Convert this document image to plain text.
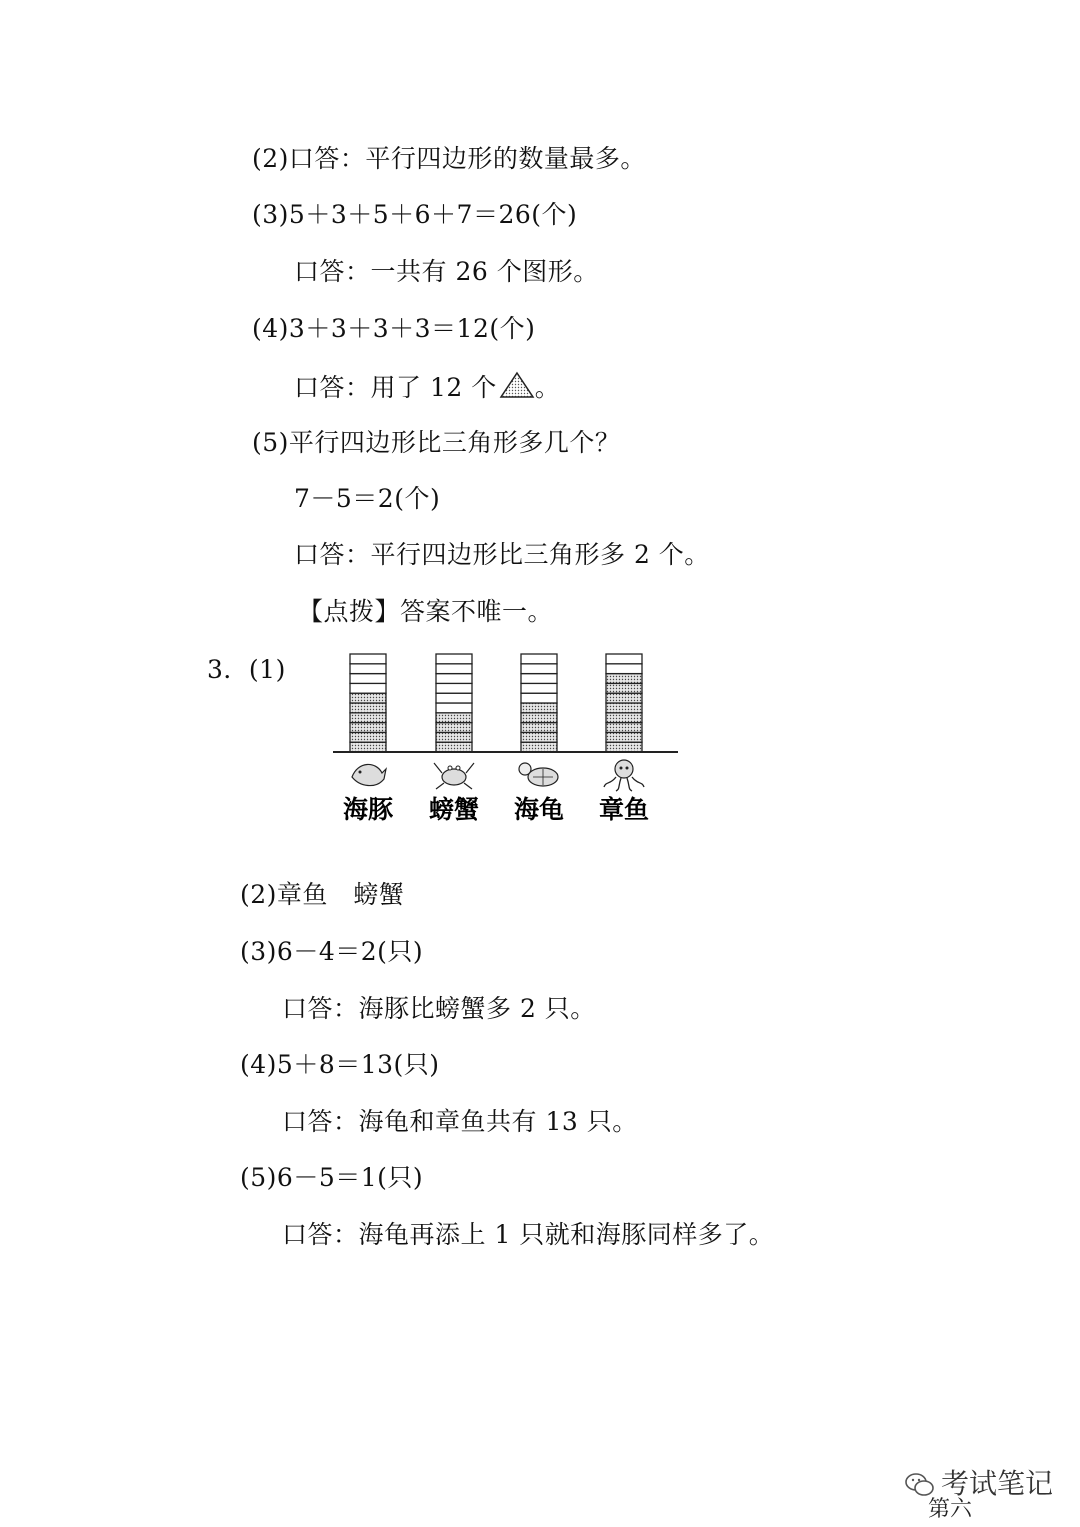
(2)口答：平行四边形的数量最多。
(3)5＋3＋5＋6＋7＝26(个)
口答：一共有 26 个图形。
(4)3＋3＋3＋3＝12(个)
口答：用了 12 个 。
(5)平行四边形比三角形多几个？
7－5＝2(个)
口答：平行四边形比三角形多 2 个。
【点拨】答案不唯一。
3．(1)
海豚 螃蟹 海龟 章鱼
(2)章鱼　螃蟹
(3)6－4＝2(只)
口答：海豚比螃蟹多 2 只。
(4)5＋8＝13(只)
口答：海龟和章鱼共有 13 只。
(5)6－5＝1(只)
口答：海龟再添上 1 只就和海豚同样多了。
考试笔记
第六
